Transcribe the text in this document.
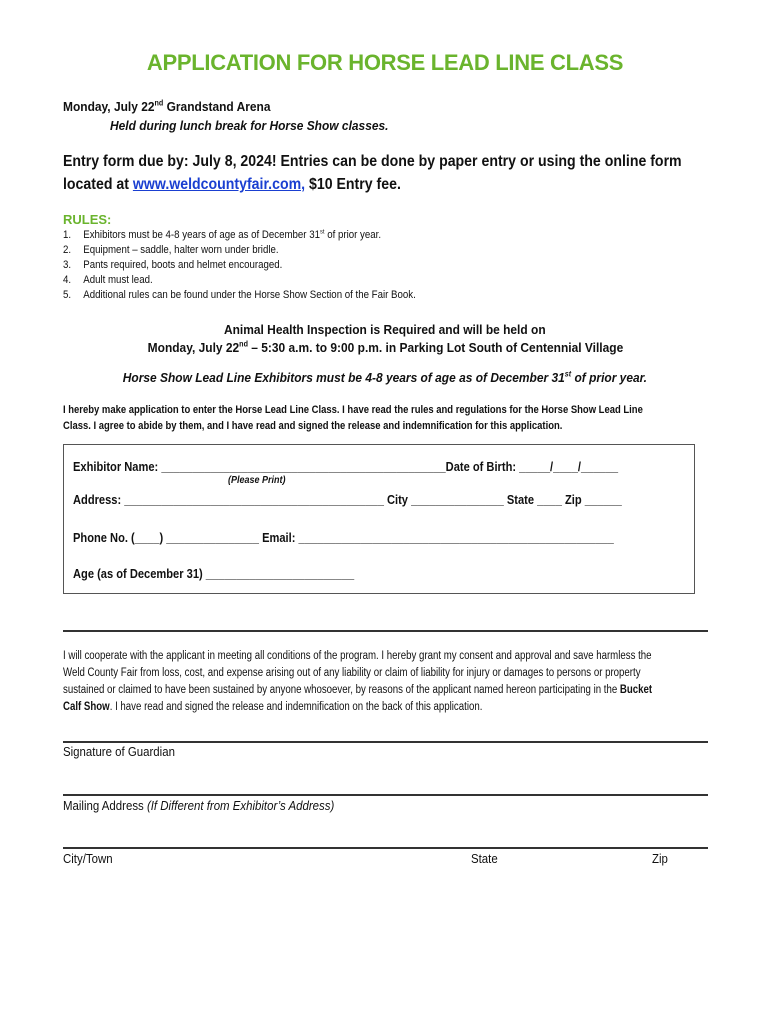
APPLICATION FOR HORSE LEAD LINE CLASS
Monday, July 22nd Grandstand Arena
Held during lunch break for Horse Show classes.
Entry form due by: July 8, 2024! Entries can be done by paper entry or using the online form
located at www.weldcountyfair.com, $10 Entry fee.
RULES:
1. Exhibitors must be 4-8 years of age as of December 31st of prior year.
2. Equipment – saddle, halter worn under bridle.
3. Pants required, boots and helmet encouraged.
4. Adult must lead.
5. Additional rules can be found under the Horse Show Section of the Fair Book.
Animal Health Inspection is Required and will be held on
Monday, July 22nd – 5:30 a.m. to 9:00 p.m. in Parking Lot South of Centennial Village
Horse Show Lead Line Exhibitors must be 4-8 years of age as of December 31st of prior year.
I hereby make application to enter the Horse Lead Line Class. I have read the rules and regulations for the Horse Show Lead Line
Class. I agree to abide by them, and I have read and signed the release and indemnification for this application.
Exhibitor Name: ______________________________________________Date of Birth: _____/____/______
(Please Print)
Address: __________________________________________ City _______________ State ____ Zip ______
Phone No. (____) _______________ Email: ___________________________________________________
Age (as of December 31) ________________________
I will cooperate with the applicant in meeting all conditions of the program. I hereby grant my consent and approval and save harmless the
Weld County Fair from loss, cost, and expense arising out of any liability or claim of liability for injury or damages to persons or property
sustained or claimed to have been sustained by anyone whosoever, by reasons of the applicant named hereon participating in the Bucket
Calf Show. I have read and signed the release and indemnification on the back of this application.
Signature of Guardian
Mailing Address (If Different from Exhibitor’s Address)
City/Town	State	Zip
